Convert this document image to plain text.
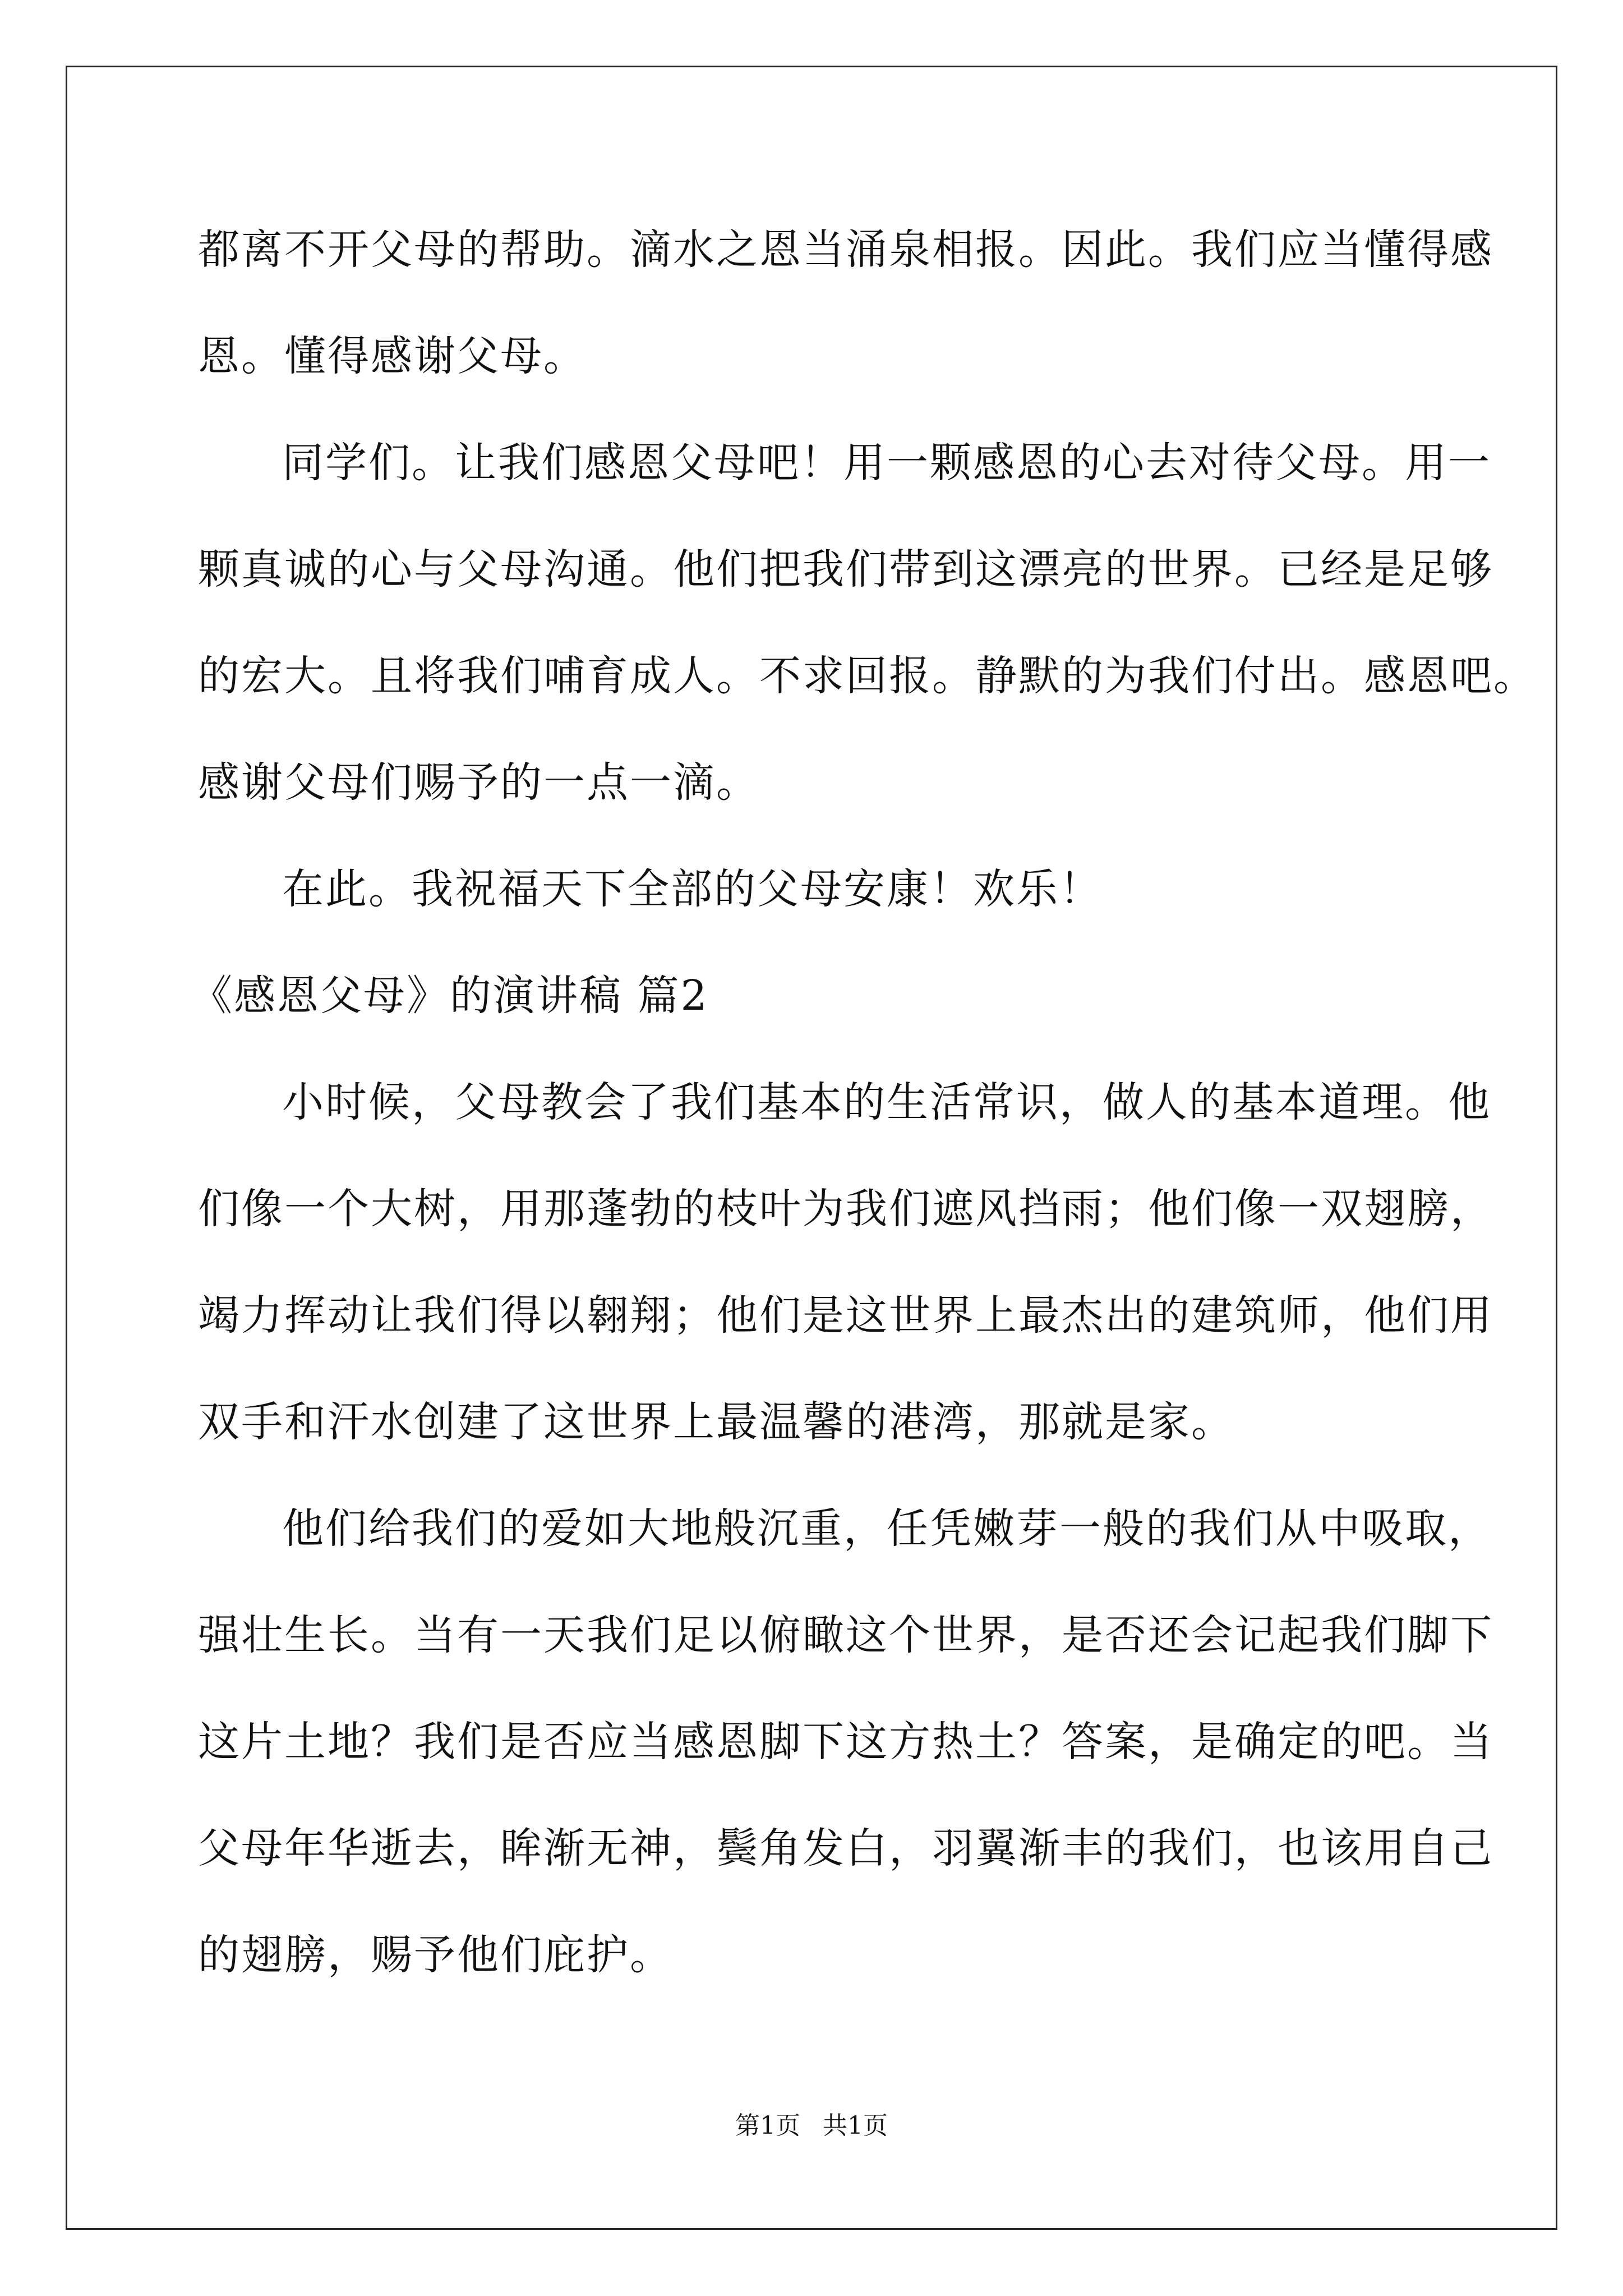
都离不开父母的帮助。滴水之恩当涌泉相报。因此。我们应当懂得感
恩。懂得感谢父母。
同学们。让我们感恩父母吧！用一颗感恩的心去对待父母。用一
颗真诚的心与父母沟通。他们把我们带到这漂亮的世界。已经是足够
的宏大。且将我们哺育成人。不求回报。静默的为我们付出。感恩吧。
感谢父母们赐予的一点一滴。
在此。我祝福天下全部的父母安康！欢乐！
《感恩父母》的演讲稿 篇2
小时候，父母教会了我们基本的生活常识，做人的基本道理。他
们像一个大树，用那蓬勃的枝叶为我们遮风挡雨；他们像一双翅膀，
竭力挥动让我们得以翱翔；他们是这世界上最杰出的建筑师，他们用
双手和汗水创建了这世界上最温馨的港湾，那就是家。
他们给我们的爱如大地般沉重，任凭嫩芽一般的我们从中吸取，
强壮生长。当有一天我们足以俯瞰这个世界，是否还会记起我们脚下
这片土地？我们是否应当感恩脚下这方热土？答案，是确定的吧。当
父母年华逝去，眸渐无神，鬓角发白，羽翼渐丰的我们，也该用自己
的翅膀，赐予他们庇护。
第1页 共1页
